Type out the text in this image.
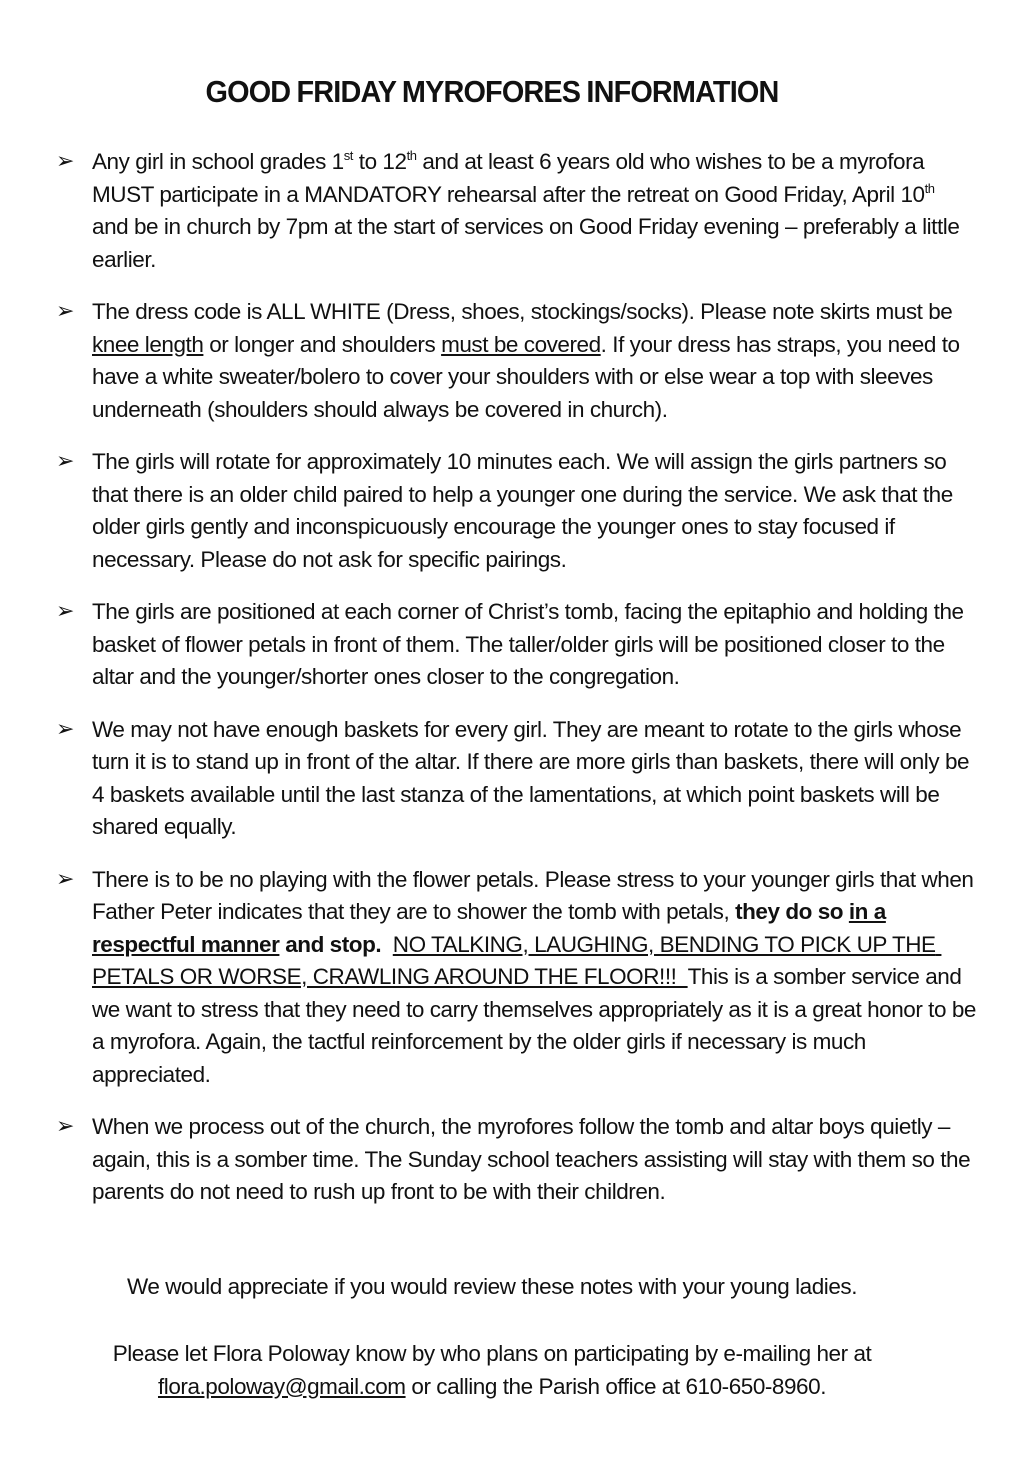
GOOD FRIDAY MYROFORES INFORMATION
➢ Any girl in school grades 1st to 12th and at least 6 years old who wishes to be a myrofora MUST participate in a MANDATORY rehearsal after the retreat on Good Friday, April 10th and be in church by 7pm at the start of services on Good Friday evening – preferably a little earlier.
➢ The dress code is ALL WHITE (Dress, shoes, stockings/socks). Please note skirts must be knee length or longer and shoulders must be covered. If your dress has straps, you need to have a white sweater/bolero to cover your shoulders with or else wear a top with sleeves underneath (shoulders should always be covered in church).
➢ The girls will rotate for approximately 10 minutes each. We will assign the girls partners so that there is an older child paired to help a younger one during the service. We ask that the older girls gently and inconspicuously encourage the younger ones to stay focused if necessary. Please do not ask for specific pairings.
➢ The girls are positioned at each corner of Christ’s tomb, facing the epitaphio and holding the basket of flower petals in front of them. The taller/older girls will be positioned closer to the altar and the younger/shorter ones closer to the congregation.
➢ We may not have enough baskets for every girl. They are meant to rotate to the girls whose turn it is to stand up in front of the altar. If there are more girls than baskets, there will only be 4 baskets available until the last stanza of the lamentations, at which point baskets will be shared equally.
➢ There is to be no playing with the flower petals. Please stress to your younger girls that when Father Peter indicates that they are to shower the tomb with petals, they do so in a respectful manner and stop. NO TALKING, LAUGHING, BENDING TO PICK UP THE PETALS OR WORSE, CRAWLING AROUND THE FLOOR!!!  This is a somber service and we want to stress that they need to carry themselves appropriately as it is a great honor to be a myrofora. Again, the tactful reinforcement by the older girls if necessary is much appreciated.
➢ When we process out of the church, the myrofores follow the tomb and altar boys quietly – again, this is a somber time. The Sunday school teachers assisting will stay with them so the parents do not need to rush up front to be with their children.
We would appreciate if you would review these notes with your young ladies.
Please let Flora Poloway know by who plans on participating by e-mailing her at flora.poloway@gmail.com or calling the Parish office at 610-650-8960.
